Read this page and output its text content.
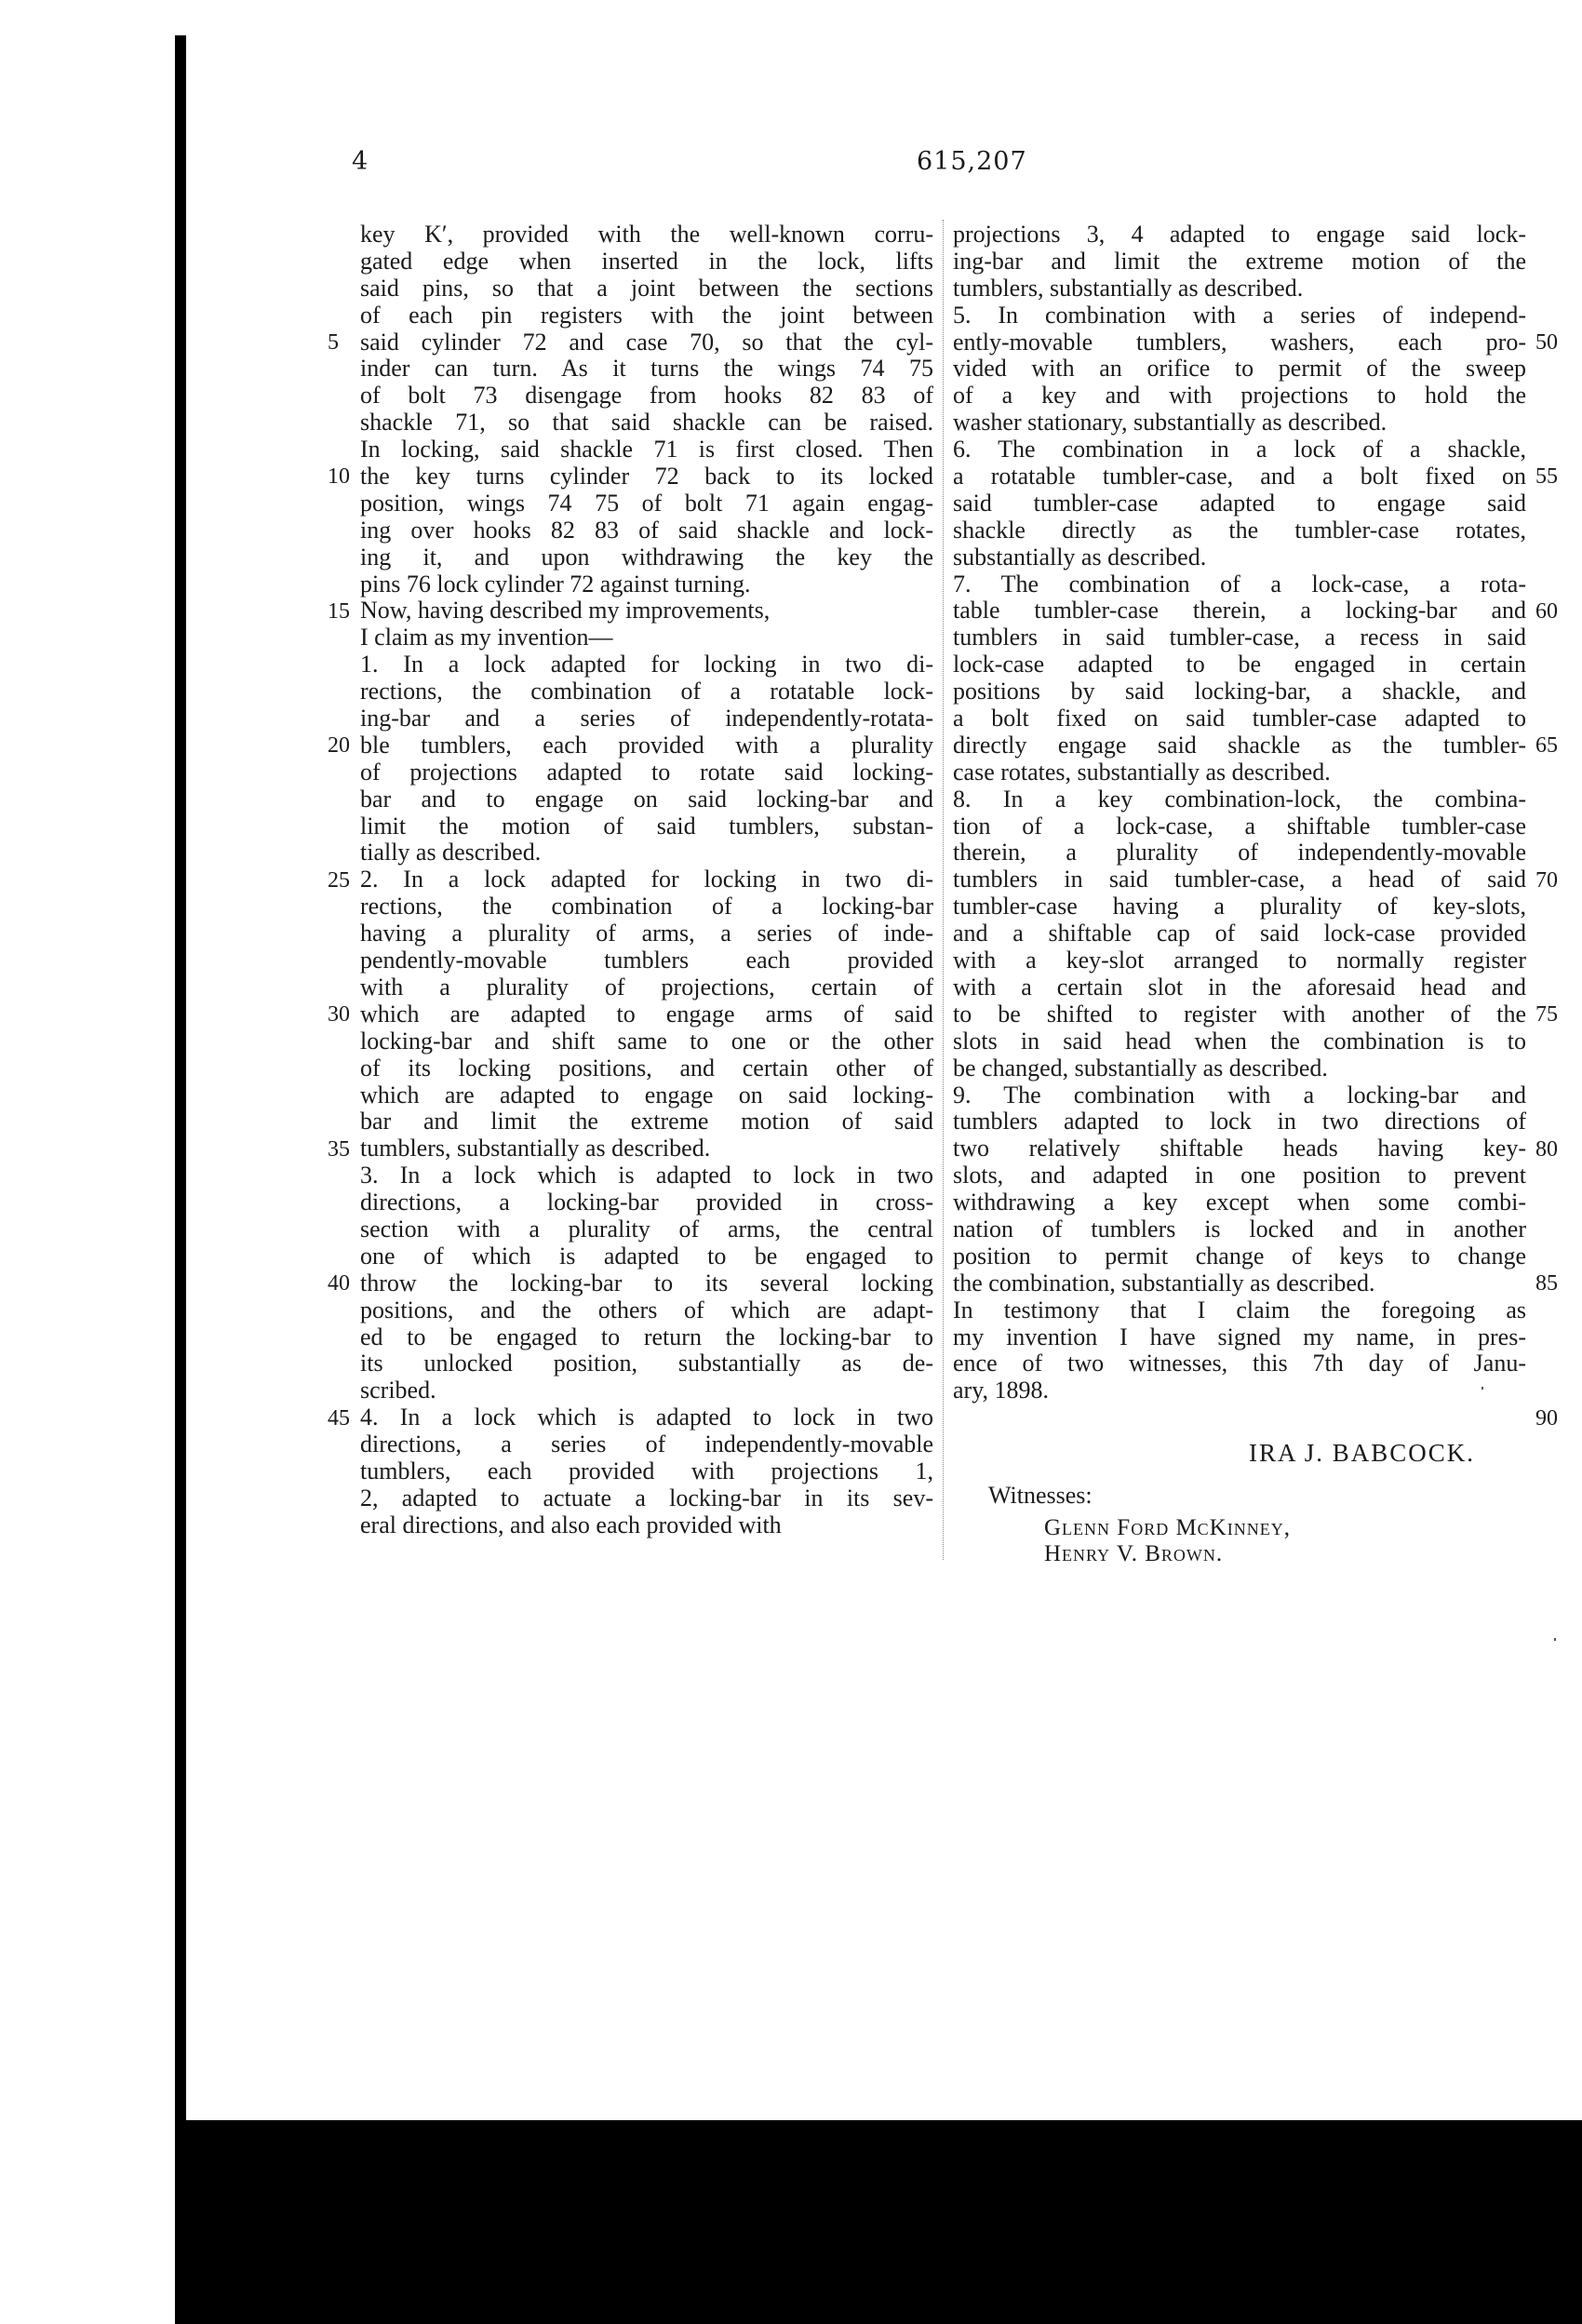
4	615,207
key K′, provided with the well-known corru-
gated edge when inserted in the lock, lifts
said pins, so that a joint between the sections
of each pin registers with the joint between
said cylinder 72 and case 70, so that the cyl-
inder can turn. As it turns the wings 74 75
of bolt 73 disengage from hooks 82 83 of
shackle 71, so that said shackle can be raised.
In locking, said shackle 71 is first closed. Then
the key turns cylinder 72 back to its locked
position, wings 74 75 of bolt 71 again engag-
ing over hooks 82 83 of said shackle and lock-
ing it, and upon withdrawing the key the
pins 76 lock cylinder 72 against turning.
Now, having described my improvements,
I claim as my invention—
1. In a lock adapted for locking in two di-
rections, the combination of a rotatable lock-
ing-bar and a series of independently-rotata-
ble tumblers, each provided with a plurality
of projections adapted to rotate said locking-
bar and to engage on said locking-bar and
limit the motion of said tumblers, substan-
tially as described.
2. In a lock adapted for locking in two di-
rections, the combination of a locking-bar
having a plurality of arms, a series of inde-
pendently-movable tumblers each provided
with a plurality of projections, certain of
which are adapted to engage arms of said
locking-bar and shift same to one or the other
of its locking positions, and certain other of
which are adapted to engage on said locking-
bar and limit the extreme motion of said
tumblers, substantially as described.
3. In a lock which is adapted to lock in two
directions, a locking-bar provided in cross-
section with a plurality of arms, the central
one of which is adapted to be engaged to
throw the locking-bar to its several locking
positions, and the others of which are adapt-
ed to be engaged to return the locking-bar to
its unlocked position, substantially as de-
scribed.
4. In a lock which is adapted to lock in two
directions, a series of independently-movable
tumblers, each provided with projections 1,
2, adapted to actuate a locking-bar in its sev-
eral directions, and also each provided with
projections 3, 4 adapted to engage said lock-
ing-bar and limit the extreme motion of the
tumblers, substantially as described.
5. In combination with a series of independ-
ently-movable tumblers, washers, each pro-
vided with an orifice to permit of the sweep
of a key and with projections to hold the
washer stationary, substantially as described.
6. The combination in a lock of a shackle,
a rotatable tumbler-case, and a bolt fixed on
said tumbler-case adapted to engage said
shackle directly as the tumbler-case rotates,
substantially as described.
7. The combination of a lock-case, a rota-
table tumbler-case therein, a locking-bar and
tumblers in said tumbler-case, a recess in said
lock-case adapted to be engaged in certain
positions by said locking-bar, a shackle, and
a bolt fixed on said tumbler-case adapted to
directly engage said shackle as the tumbler-
case rotates, substantially as described.
8. In a key combination-lock, the combina-
tion of a lock-case, a shiftable tumbler-case
therein, a plurality of independently-movable
tumblers in said tumbler-case, a head of said
tumbler-case having a plurality of key-slots,
and a shiftable cap of said lock-case provided
with a key-slot arranged to normally register
with a certain slot in the aforesaid head and
to be shifted to register with another of the
slots in said head when the combination is to
be changed, substantially as described.
9. The combination with a locking-bar and
tumblers adapted to lock in two directions of
two relatively shiftable heads having key-
slots, and adapted in one position to prevent
withdrawing a key except when some combi-
nation of tumblers is locked and in another
position to permit change of keys to change
the combination, substantially as described.
In testimony that I claim the foregoing as
my invention I have signed my name, in pres-
ence of two witnesses, this 7th day of Janu-
ary, 1898.
5
10
15
20
25
30
35
40
45
50
55
60
65
70
75
80
85
90
IRA J. BABCOCK.
Witnesses:
Glenn Ford McKinney,
Henry V. Brown.
